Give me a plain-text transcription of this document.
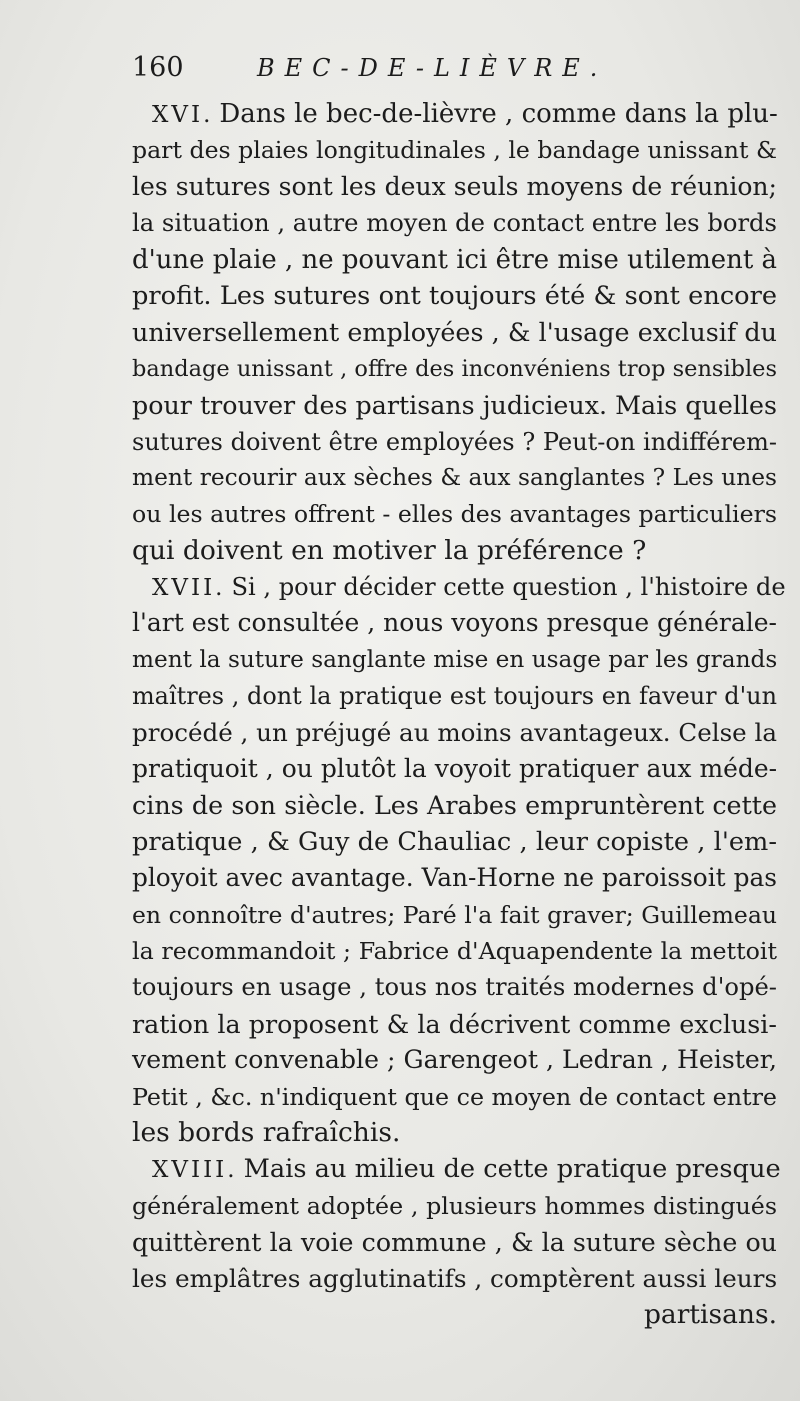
160	BEC-DE-LIÈVRE.
XVI. Dans le bec-de-lièvre , comme dans la plu-
part des plaies longitudinales , le bandage unissant &
les sutures sont les deux seuls moyens de réunion;
la situation , autre moyen de contact entre les bords
d'une plaie , ne pouvant ici être mise utilement à
profit. Les sutures ont toujours été & sont encore
universellement employées , & l'usage exclusif du
bandage unissant , offre des inconvéniens trop sensibles
pour trouver des partisans judicieux. Mais quelles
sutures doivent être employées ? Peut-on indifférem-
ment recourir aux sèches & aux sanglantes ? Les unes
ou les autres offrent - elles des avantages particuliers
qui doivent en motiver la préférence ?
XVII. Si , pour décider cette question , l'histoire de
l'art est consultée , nous voyons presque générale-
ment la suture sanglante mise en usage par les grands
maîtres , dont la pratique est toujours en faveur d'un
procédé , un préjugé au moins avantageux. Celse la
pratiquoit , ou plutôt la voyoit pratiquer aux méde-
cins de son siècle. Les Arabes empruntèrent cette
pratique , & Guy de Chauliac , leur copiste , l'em-
ployoit avec avantage. Van-Horne ne paroissoit pas
en connoître d'autres; Paré l'a fait graver; Guillemeau
la recommandoit ; Fabrice d'Aquapendente la mettoit
toujours en usage , tous nos traités modernes d'opé-
ration la proposent & la décrivent comme exclusi-
vement convenable ; Garengeot , Ledran , Heister,
Petit , &c. n'indiquent que ce moyen de contact entre
les bords rafraîchis.
XVIII. Mais au milieu de cette pratique presque
généralement adoptée , plusieurs hommes distingués
quittèrent la voie commune , & la suture sèche ou
les emplâtres agglutinatifs , comptèrent aussi leurs
partisans.
